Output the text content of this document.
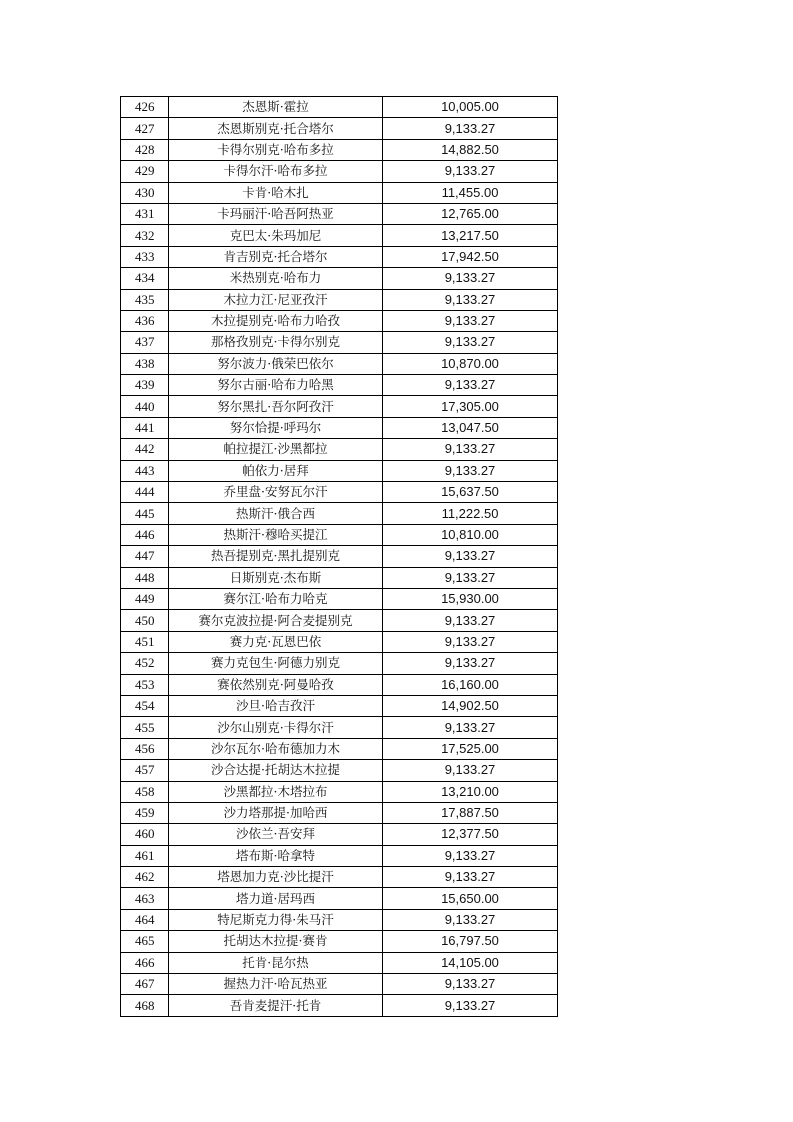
426	杰恩斯·霍拉	10,005.00
427	杰恩斯别克·托合塔尔	9,133.27
428	卡得尔别克·哈布多拉	14,882.50
429	卡得尔汗·哈布多拉	9,133.27
430	卡肯·哈木扎	11,455.00
431	卡玛丽汗·哈吾阿热亚	12,765.00
432	克巴太·朱玛加尼	13,217.50
433	肯吉别克·托合塔尔	17,942.50
434	米热别克·哈布力	9,133.27
435	木拉力江·尼亚孜汗	9,133.27
436	木拉提别克·哈布力哈孜	9,133.27
437	那格孜别克·卡得尔别克	9,133.27
438	努尔波力·俄荣巴依尔	10,870.00
439	努尔古丽·哈布力哈黑	9,133.27
440	努尔黑扎·吾尔阿孜汗	17,305.00
441	努尔恰提·呼玛尔	13,047.50
442	帕拉提江·沙黑都拉	9,133.27
443	帕依力·居拜	9,133.27
444	乔里盘·安努瓦尔汗	15,637.50
445	热斯汗·俄合西	11,222.50
446	热斯汗·穆哈买提江	10,810.00
447	热吾提别克·黑扎提别克	9,133.27
448	日斯别克·杰布斯	9,133.27
449	赛尔江·哈布力哈克	15,930.00
450	赛尔克波拉提·阿合麦提别克	9,133.27
451	赛力克·瓦恩巴依	9,133.27
452	赛力克包生·阿德力别克	9,133.27
453	赛依然别克·阿曼哈孜	16,160.00
454	沙旦·哈吉孜汗	14,902.50
455	沙尔山别克·卡得尔汗	9,133.27
456	沙尔瓦尔·哈布德加力木	17,525.00
457	沙合达提·托胡达木拉提	9,133.27
458	沙黑都拉·木塔拉布	13,210.00
459	沙力塔那提·加哈西	17,887.50
460	沙依兰·吾安拜	12,377.50
461	塔布斯·哈拿特	9,133.27
462	塔恩加力克·沙比提汗	9,133.27
463	塔力道·居玛西	15,650.00
464	特尼斯克力得·朱马汗	9,133.27
465	托胡达木拉提·赛肯	16,797.50
466	托肯·昆尔热	14,105.00
467	握热力汗·哈瓦热亚	9,133.27
468	吾肯麦提汗·托肯	9,133.27
